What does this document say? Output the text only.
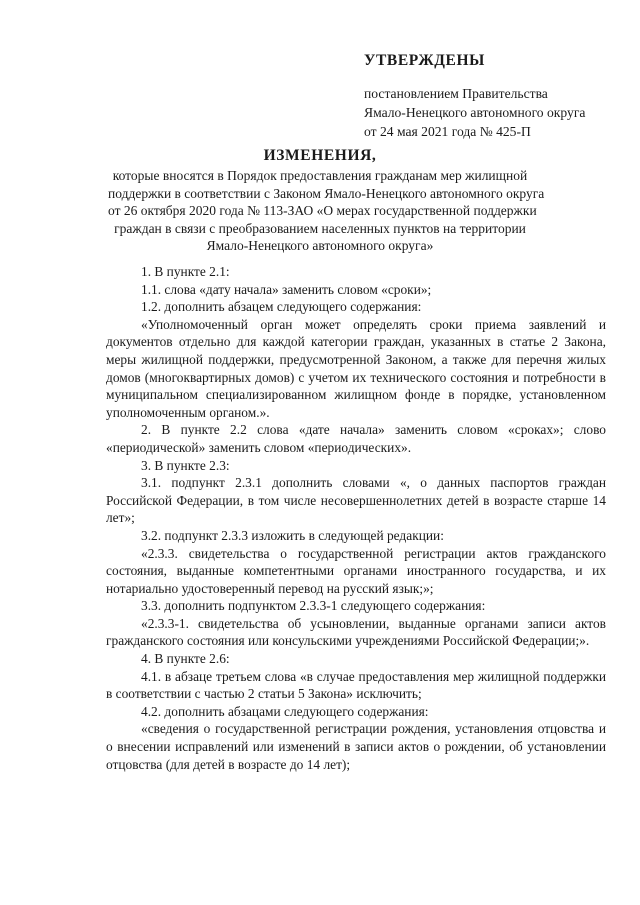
УТВЕРЖДЕНЫ
постановлением Правительства
Ямало-Ненецкого автономного округа
от 24 мая 2021 года № 425-П
ИЗМЕНЕНИЯ,
которые вносятся в Порядок предоставления гражданам мер жилищной
поддержки в соответствии с Законом Ямало-Ненецкого автономного округа
от 26 октября 2020 года № 113-ЗАО «О мерах государственной поддержки
граждан в связи с преобразованием населенных пунктов на территории
Ямало-Ненецкого автономного округа»

1. В пункте 2.1:

1.1. слова «дату начала» заменить словом «сроки»;

1.2. дополнить абзацем следующего содержания:

«Уполномоченный орган может определять сроки приема заявлений и документов отдельно для каждой категории граждан, указанных в статье 2 Закона, меры жилищной поддержки, предусмотренной Законом, а также для перечня жилых домов (многоквартирных домов) с учетом их технического состояния и потребности в муниципальном специализированном жилищном фонде в порядке, установленном уполномоченным органом.».

2. В пункте 2.2 слова «дате начала» заменить словом «сроках»; слово «периодической» заменить словом «периодических».

3. В пункте 2.3:

3.1. подпункт 2.3.1 дополнить словами «, о данных паспортов граждан Российской Федерации, в том числе несовершеннолетних детей в возрасте старше 14 лет»;

3.2. подпункт 2.3.3 изложить в следующей редакции:

«2.3.3. свидетельства о государственной регистрации актов гражданского состояния, выданные компетентными органами иностранного государства, и их нотариально удостоверенный перевод на русский язык;»;

3.3. дополнить подпунктом 2.3.3-1 следующего содержания:

«2.3.3-1. свидетельства об усыновлении, выданные органами записи актов гражданского состояния или консульскими учреждениями Российской Федерации;».

4. В пункте 2.6:

4.1. в абзаце третьем слова «в случае предоставления мер жилищной поддержки в соответствии с частью 2 статьи 5 Закона» исключить;

4.2. дополнить абзацами следующего содержания:

«сведения о государственной регистрации рождения, установления отцовства и о внесении исправлений или изменений в записи актов о рождении, об установлении отцовства (для детей в возрасте до 14 лет);
